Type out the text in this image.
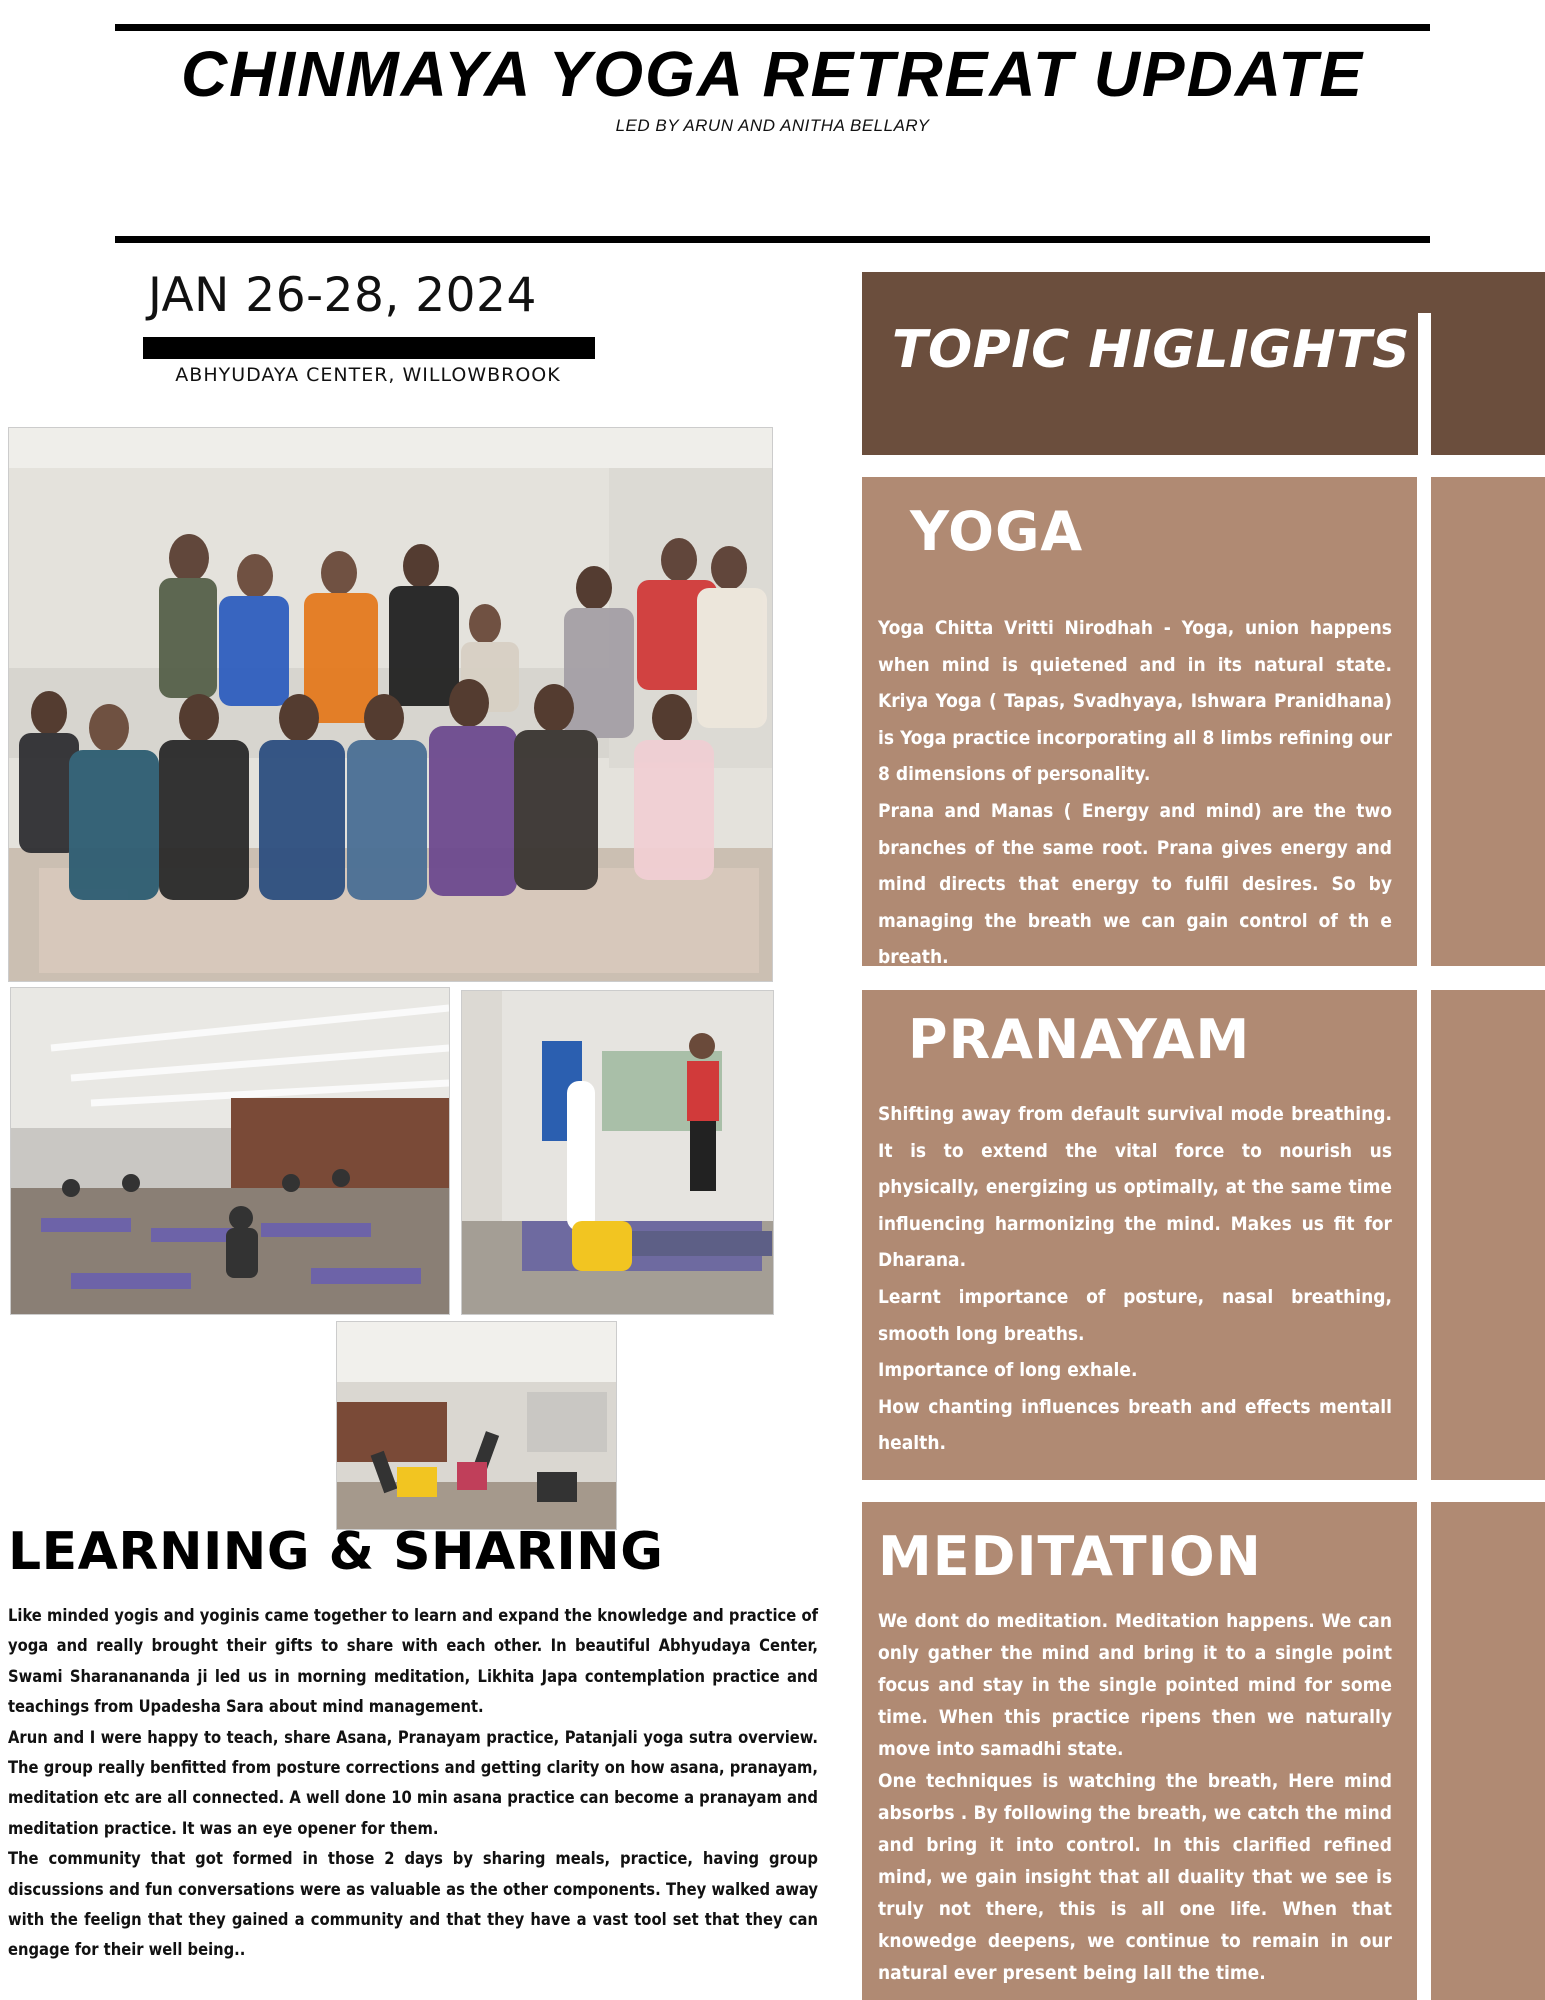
CHINMAYA YOGA RETREAT UPDATE
LED BY ARUN AND ANITHA BELLARY
JAN 26-28, 2024
ABHYUDAYA CENTER, WILLOWBROOK
LEARNING & SHARING

Like minded yogis and yoginis came together to learn and expand the knowledge and practice of yoga and really brought their gifts to share with each other. In beautiful Abhyudaya Center, Swami Sharanananda ji led us in morning meditation, Likhita Japa contemplation practice and teachings from Upadesha Sara about mind management.

Arun and I were happy to teach, share Asana, Pranayam practice, Patanjali yoga sutra overview. The group really benfitted from posture corrections and getting clarity on how asana, pranayam, meditation etc are all connected. A well done 10 min asana practice can become a pranayam and meditation practice. It was an eye opener for them.

The community that got formed in those 2 days by sharing meals, practice, having group discussions and fun conversations were as valuable as the other components. They walked away with the feelign that they gained a community and that they have a vast tool set that they can engage for their well being..

TOPIC HIGLIGHTS
YOGA

Yoga Chitta Vritti Nirodhah - Yoga, union happens when mind is quietened and in its natural state. Kriya Yoga ( Tapas, Svadhyaya, Ishwara Pranidhana) is Yoga practice incorporating all 8 limbs refining our 8 dimensions of personality.

Prana and Manas ( Energy and mind) are the two branches of the same root. Prana gives energy and mind directs that energy to fulfil desires. So by managing the breath we can gain control of th e breath.

PRANAYAM

Shifting away from default survival mode breathing. It is to extend the vital force to nourish us physically, energizing us optimally, at the same time influencing harmonizing the mind. Makes us fit for Dharana.

Learnt importance of posture, nasal breathing, smooth long breaths.

Importance of long exhale.

How chanting influences breath and effects mentall health.

MEDITATION

We dont do meditation. Meditation happens. We can only gather the mind and bring it to a single point focus and stay in the single pointed mind for some time. When this practice ripens then we naturally move into samadhi state.

One techniques is watching the breath, Here mind absorbs . By following the breath, we catch the mind and bring it into control. In this clarified refined mind, we gain insight that all duality that we see is truly not there, this is all one life. When that knowedge deepens, we continue to remain in our natural ever present being lall the time.
